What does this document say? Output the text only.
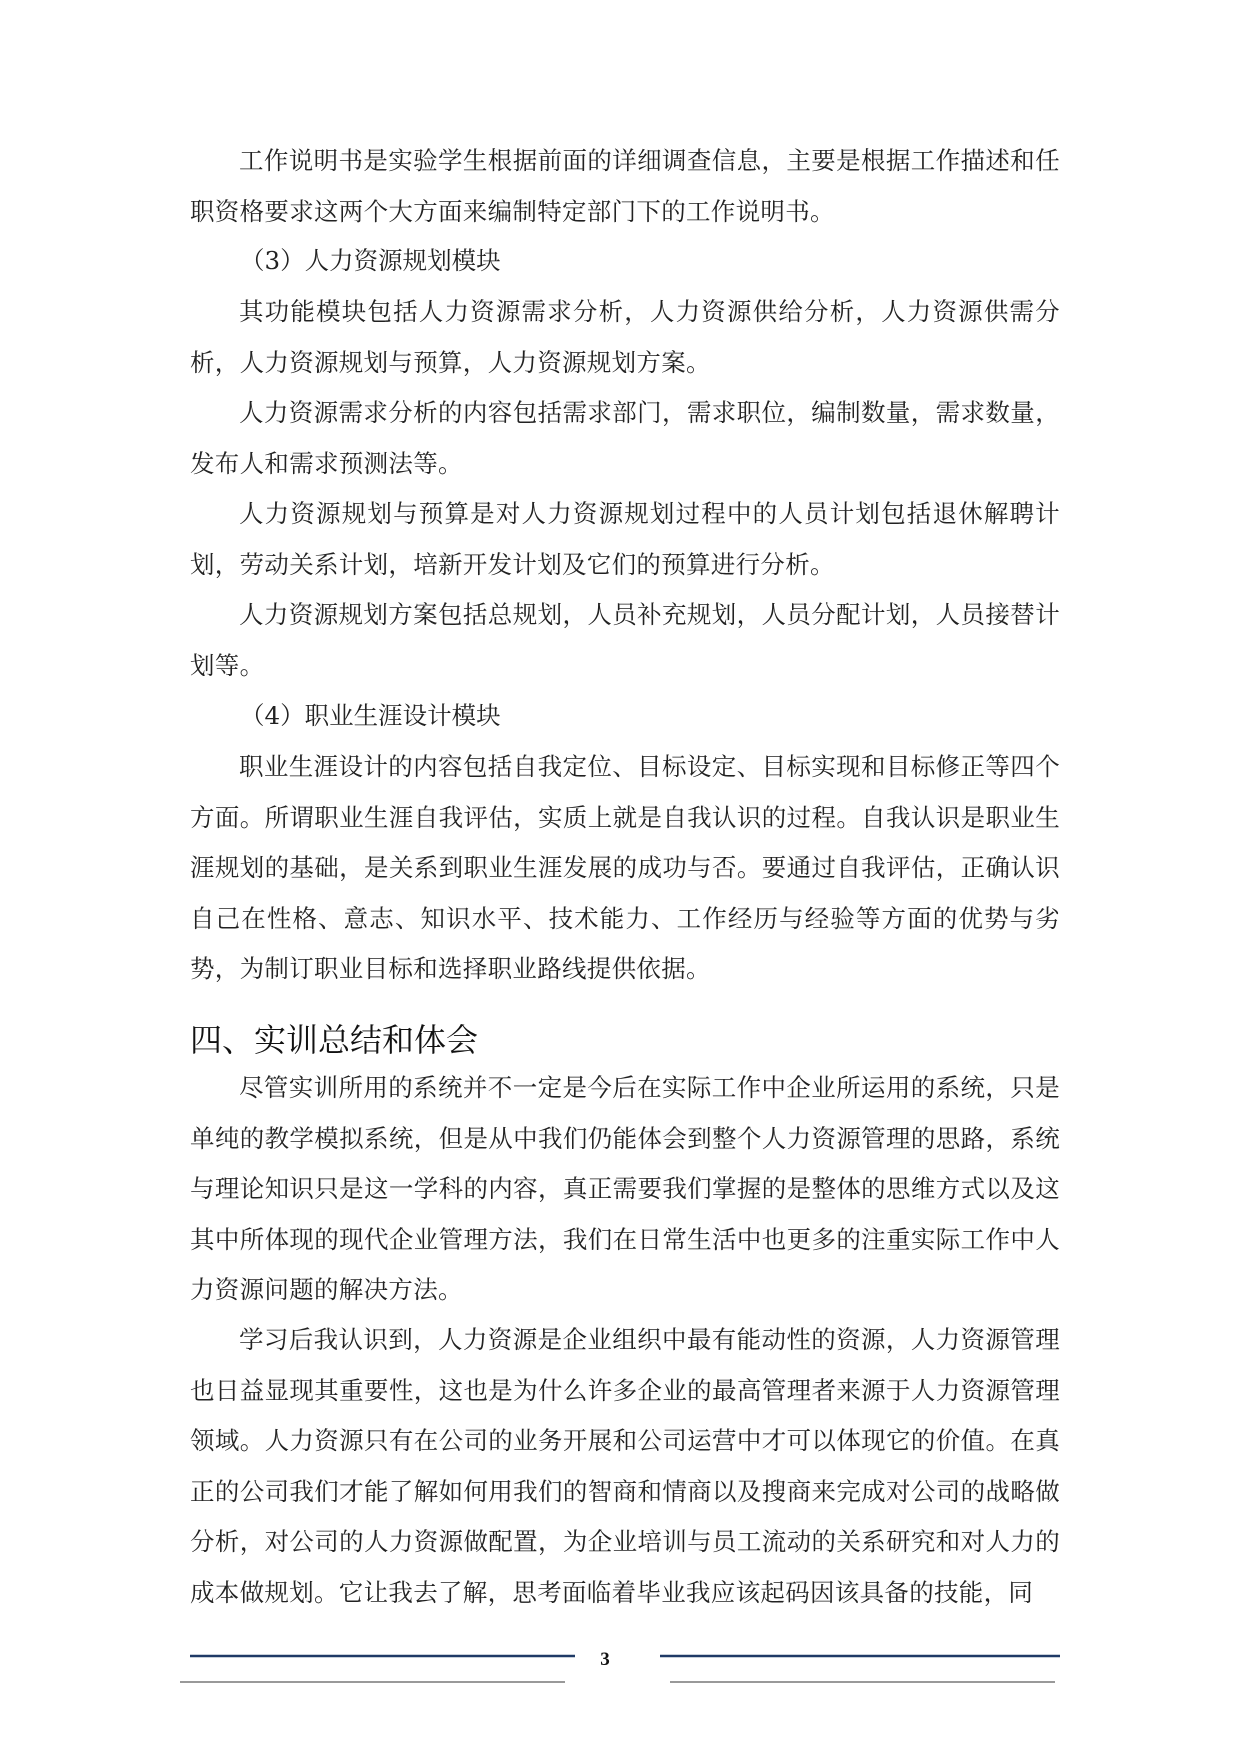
工作说明书是实验学生根据前面的详细调查信息，主要是根据工作描述和任职资格要求这两个大方面来编制特定部门下的工作说明书。

（3）人力资源规划模块

其功能模块包括人力资源需求分析，人力资源供给分析，人力资源供需分析，人力资源规划与预算，人力资源规划方案。

人力资源需求分析的内容包括需求部门，需求职位，编制数量，需求数量，发布人和需求预测法等。

人力资源规划与预算是对人力资源规划过程中的人员计划包括退休解聘计划，劳动关系计划，培新开发计划及它们的预算进行分析。

人力资源规划方案包括总规划，人员补充规划，人员分配计划，人员接替计划等。

（4）职业生涯设计模块

职业生涯设计的内容包括自我定位、目标设定、目标实现和目标修正等四个方面。所谓职业生涯自我评估，实质上就是自我认识的过程。自我认识是职业生涯规划的基础，是关系到职业生涯发展的成功与否。要通过自我评估，正确认识自己在性格、意志、知识水平、技术能力、工作经历与经验等方面的优势与劣势，为制订职业目标和选择职业路线提供依据。

四、实训总结和体会

尽管实训所用的系统并不一定是今后在实际工作中企业所运用的系统，只是单纯的教学模拟系统，但是从中我们仍能体会到整个人力资源管理的思路，系统与理论知识只是这一学科的内容，真正需要我们掌握的是整体的思维方式以及这其中所体现的现代企业管理方法，我们在日常生活中也更多的注重实际工作中人力资源问题的解决方法。

学习后我认识到，人力资源是企业组织中最有能动性的资源，人力资源管理也日益显现其重要性，这也是为什么许多企业的最高管理者来源于人力资源管理领域。人力资源只有在公司的业务开展和公司运营中才可以体现它的价值。在真正的公司我们才能了解如何用我们的智商和情商以及搜商来完成对公司的战略做分析，对公司的人力资源做配置，为企业培训与员工流动的关系研究和对人力的成本做规划。它让我去了解，思考面临着毕业我应该起码因该具备的技能，同

3
